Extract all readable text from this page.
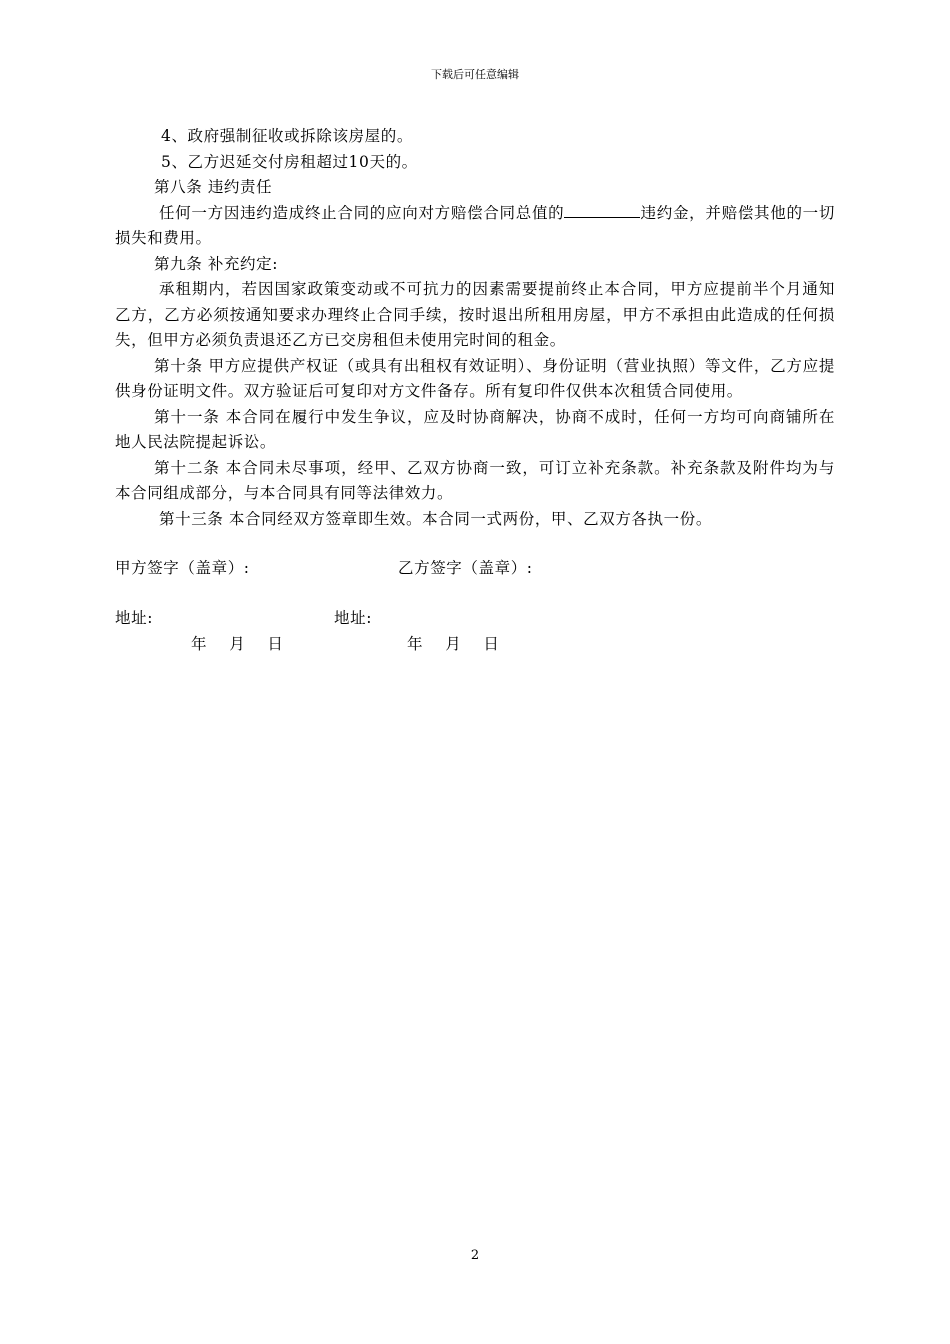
下载后可任意编辑

4、政府强制征收或拆除该房屋的。

5、乙方迟延交付房租超过10天的。

第八条 违约责任

任何一方因违约造成终止合同的应向对方赔偿合同总值的	违约金，并赔偿其他的一切损失和费用。

第九条 补充约定:

承租期内，若因国家政策变动或不可抗力的因素需要提前终止本合同，甲方应提前半个月通知乙方，乙方必须按通知要求办理终止合同手续，按时退出所租用房屋，甲方不承担由此造成的任何损失，但甲方必须负责退还乙方已交房租但未使用完时间的租金。

第十条 甲方应提供产权证（或具有出租权有效证明）、身份证明（营业执照）等文件，乙方应提供身份证明文件。双方验证后可复印对方文件备存。所有复印件仅供本次租赁合同使用。

第十一条 本合同在履行中发生争议，应及时协商解决，协商不成时，任何一方均可向商铺所在地人民法院提起诉讼。

第十二条 本合同未尽事项，经甲、乙双方协商一致，可订立补充条款。补充条款及附件均为与本合同组成部分，与本合同具有同等法律效力。

第十三条 本合同经双方签章即生效。本合同一式两份，甲、乙双方各执一份。

甲方签字（盖章）:	乙方签字（盖章）:
地址:	地址:
年    月    日	年    月    日
2
